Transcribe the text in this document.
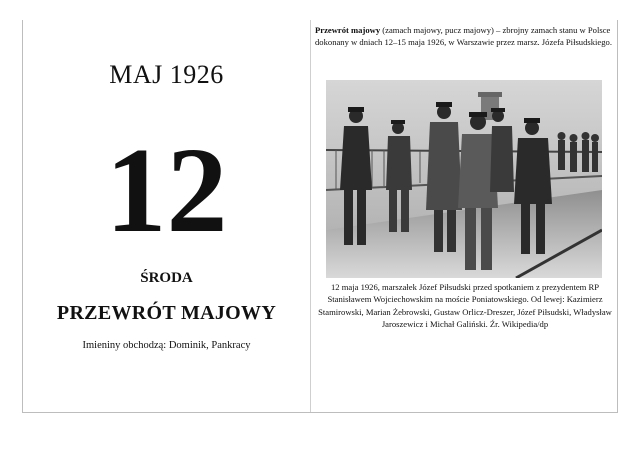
MAJ 1926
12
ŚRODA
PRZEWRÓT MAJOWY
Imieniny obchodzą: Dominik, Pankracy
Przewrót majowy (zamach majowy, pucz majowy) – zbrojny zamach stanu w Polsce dokonany w dniach 12–15 maja 1926, w Warszawie przez marsz. Józefa Piłsudskiego.
12 maja 1926, marszałek Józef Piłsudski przed spotkaniem z prezydentem RP Stanisławem Wojciechowskim na moście Poniatowskiego. Od lewej: Kazimierz Stamirowski, Marian Żebrowski, Gustaw Orlicz-Dreszer, Józef Piłsudski, Władysław Jaroszewicz i Michał Galiński. Źr. Wikipedia/dp
